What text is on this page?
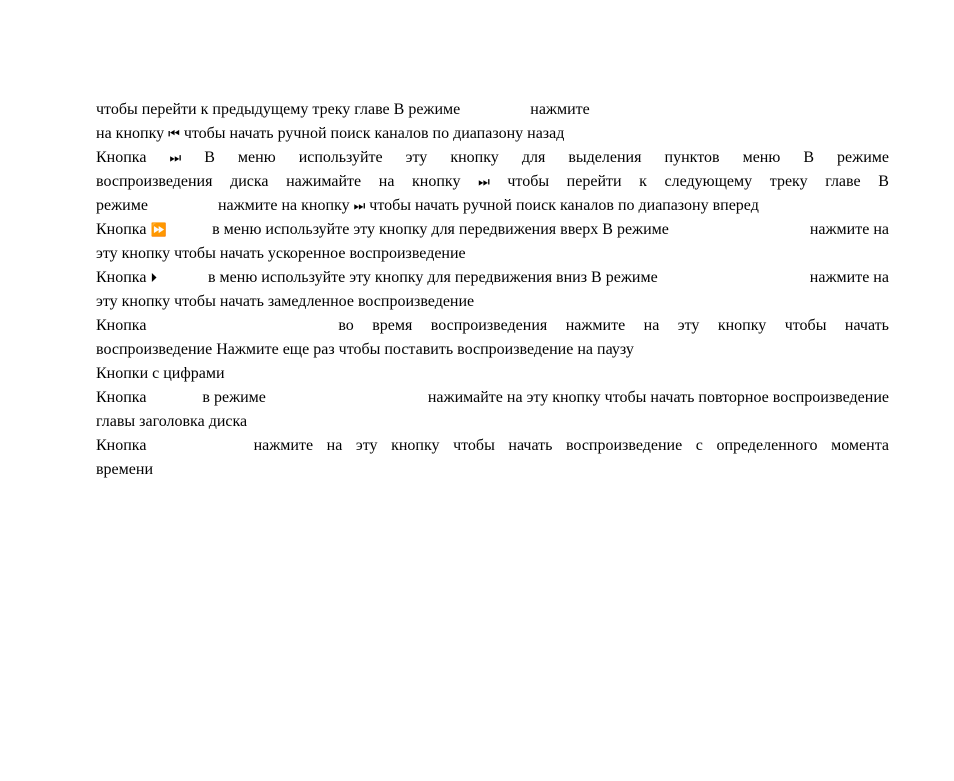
чтобы перейти к предыдущему треку главе В режиме	нажмите
на кнопку ⏮ чтобы начать ручной поиск каналов по диапазону назад
Кнопка ⏭ В меню используйте эту кнопку для выделения пунктов меню В режиме
воспроизведения диска нажимайте на кнопку ⏭ чтобы перейти к следующему треку главе В
режиме	нажмите на кнопку ⏭ чтобы начать ручной поиск каналов по диапазону вперед
Кнопка ⏩	в меню используйте эту кнопку для передвижения вверх В режиме	нажмите на
эту кнопку чтобы начать ускоренное воспроизведение
Кнопка ⏵	в меню используйте эту кнопку для передвижения вниз В режиме	нажмите на
эту кнопку чтобы начать замедленное воспроизведение
Кнопка	во время воспроизведения нажмите на эту кнопку чтобы начать
воспроизведение Нажмите еще раз чтобы поставить воспроизведение на паузу
Кнопки с цифрами
Кнопка	в режиме	нажимайте на эту кнопку чтобы начать повторное воспроизведение
главы заголовка диска
Кнопка	нажмите на эту кнопку чтобы начать воспроизведение с определенного момента
времени
